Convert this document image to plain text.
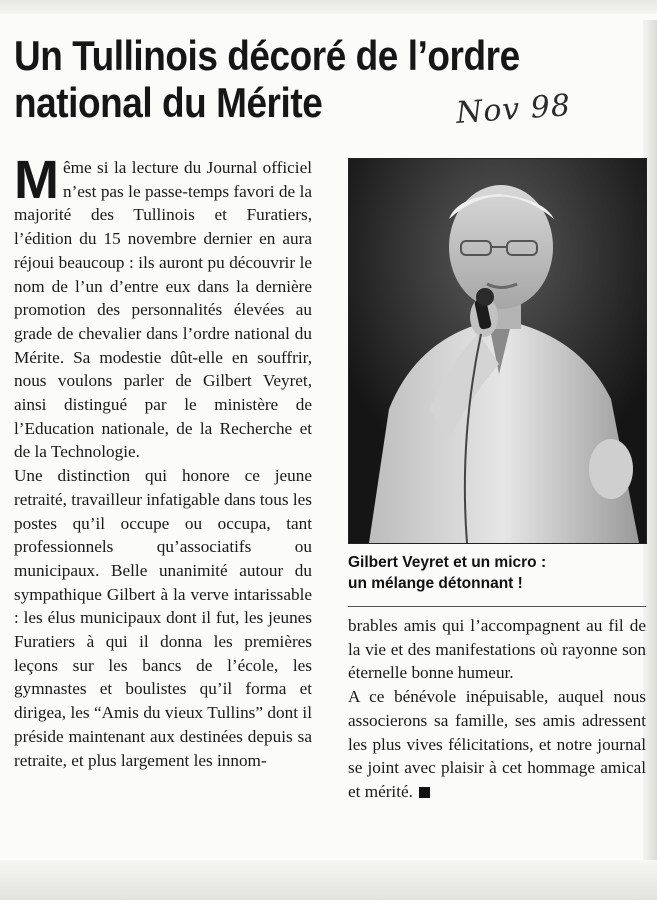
Un Tullinois décoré de l’ordre
national du Mérite	Nov 98

Même si la lecture du Journal officiel n’est pas le passe-temps favori de la majorité des Tullinois et Furatiers, l’édition du 15 novembre dernier en aura réjoui beaucoup : ils auront pu découvrir le nom de l’un d’entre eux dans la dernière promotion des personnalités élevées au grade de chevalier dans l’ordre national du Mérite. Sa modestie dût-elle en souffrir, nous voulons parler de Gilbert Veyret, ainsi distingué par le ministère de l’Education nationale, de la Recherche et de la Technologie.

Une distinction qui honore ce jeune retraité, travailleur infatigable dans tous les postes qu’il occupe ou occupa, tant professionnels qu’associatifs ou municipaux. Belle unanimité autour du sympathique Gilbert à la verve intarissable : les élus municipaux dont il fut, les jeunes Furatiers à qui il donna les premières leçons sur les bancs de l’école, les gymnastes et boulistes qu’il forma et dirigea, les “Amis du vieux Tullins” dont il préside maintenant aux destinées depuis sa retraite, et plus largement les innom-

Gilbert Veyret et un micro :
un mélange détonnant !

brables amis qui l’accompagnent au fil de la vie et des manifestations où rayonne son éternelle bonne humeur.

A ce bénévole inépuisable, auquel nous associerons sa famille, ses amis adressent les plus vives félicitations, et notre journal se joint avec plaisir à cet hommage amical et mérité.
